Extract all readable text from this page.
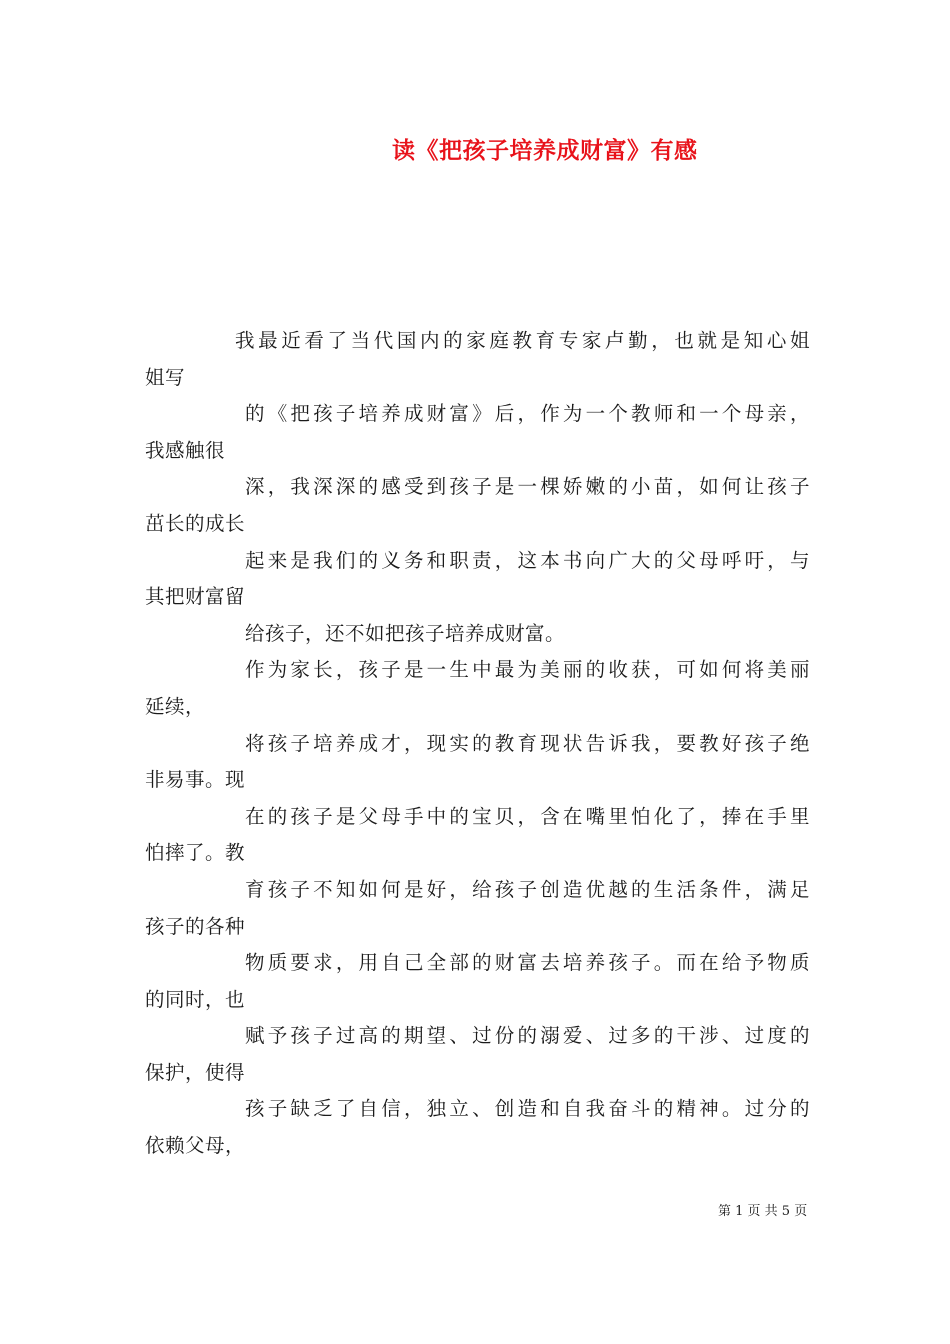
读《把孩子培养成财富》有感
我最近看了当代国内的家庭教育专家卢勤，也就是知心姐
姐写
的《把孩子培养成财富》后，作为一个教师和一个母亲，
我感触很
深，我深深的感受到孩子是一棵娇嫩的小苗，如何让孩子
茁长的成长
起来是我们的义务和职责，这本书向广大的父母呼吁，与
其把财富留
给孩子，还不如把孩子培养成财富。
作为家长，孩子是一生中最为美丽的收获，可如何将美丽
延续，
将孩子培养成才，现实的教育现状告诉我，要教好孩子绝
非易事。现
在的孩子是父母手中的宝贝，含在嘴里怕化了，捧在手里
怕摔了。教
育孩子不知如何是好，给孩子创造优越的生活条件，满足
孩子的各种
物质要求，用自己全部的财富去培养孩子。而在给予物质
的同时，也
赋予孩子过高的期望、过份的溺爱、过多的干涉、过度的
保护，使得
孩子缺乏了自信，独立、创造和自我奋斗的精神。过分的
依赖父母，
第 1 页 共 5 页
